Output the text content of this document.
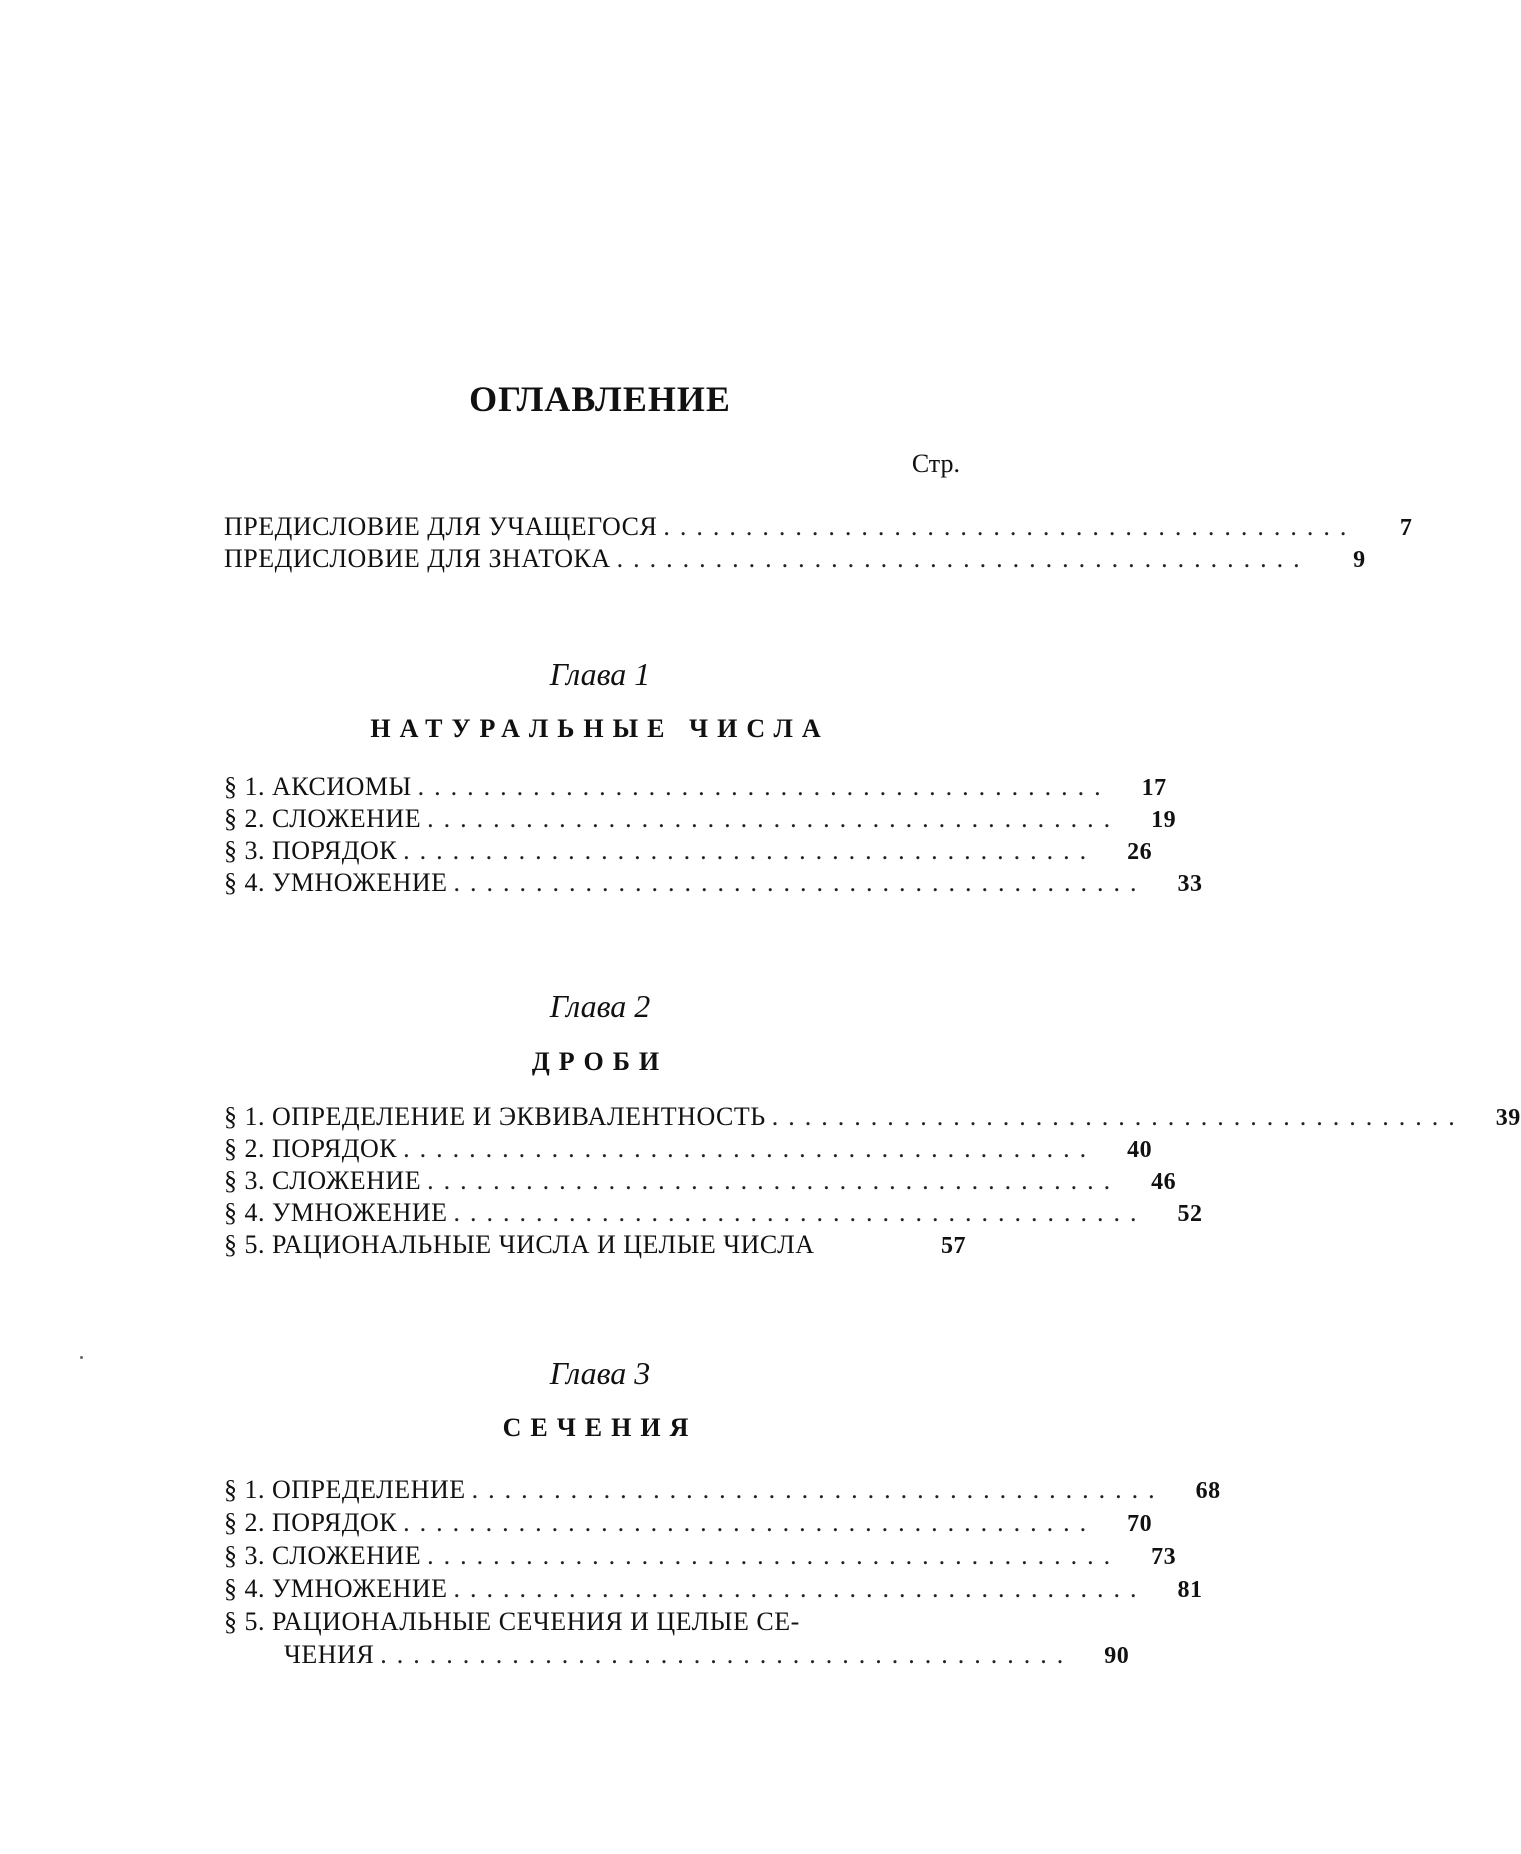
ОГЛАВЛЕНИЕ
Стр.
ПРЕДИСЛОВИЕ ДЛЯ УЧАЩЕГОСЯ ..........................................	7
ПРЕДИСЛОВИЕ ДЛЯ ЗНАТОКА ..........................................	9
Глава 1
НАТУРАЛЬНЫЕ ЧИСЛА
§ 1. АКСИОМЫ ..........................................	17
§ 2. СЛОЖЕНИЕ ..........................................	19
§ 3. ПОРЯДОК ..........................................	26
§ 4. УМНОЖЕНИЕ ..........................................	33
Глава 2
ДРОБИ
§ 1. ОПРЕДЕЛЕНИЕ И ЭКВИВАЛЕНТНОСТЬ ..........................................	39
§ 2. ПОРЯДОК ..........................................	40
§ 3. СЛОЖЕНИЕ ..........................................	46
§ 4. УМНОЖЕНИЕ ..........................................	52
§ 5. РАЦИОНАЛЬНЫЕ ЧИСЛА И ЦЕЛЫЕ ЧИСЛА	57
Глава 3
СЕЧЕНИЯ
§ 1. ОПРЕДЕЛЕНИЕ ..........................................	68
§ 2. ПОРЯДОК ..........................................	70
§ 3. СЛОЖЕНИЕ ..........................................	73
§ 4. УМНОЖЕНИЕ ..........................................	81
§ 5. РАЦИОНАЛЬНЫЕ СЕЧЕНИЯ И ЦЕЛЫЕ СЕ-
ЧЕНИЯ ..........................................	90
